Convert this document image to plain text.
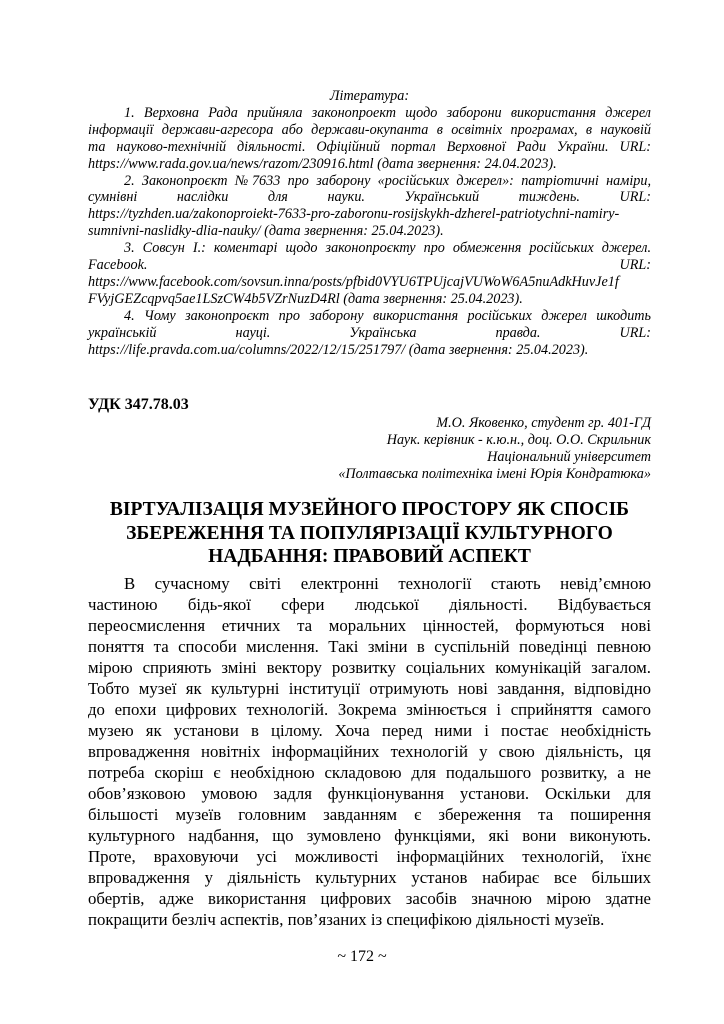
Література:
1. Верховна Рада прийняла законопроект щодо заборони використання джерел
інформації держави-агресора або держави-окупанта в освітніх програмах, в науковій
та науково-технічній діяльності. Офіційний портал Верховної Ради України. URL:
https://www.rada.gov.ua/news/razom/230916.html (дата звернення: 24.04.2023).
2. Законопроєкт №7633 про заборону «російських джерел»: патріотичні наміри,
сумнівні наслідки для науки. Український тиждень. URL:
https://tyzhden.ua/zakonoproiekt-7633-pro-zaboronu-rosijskykh-dzherel-patriotychni-namiry-
sumnivni-naslidky-dlia-nauky/ (дата звернення: 25.04.2023).
3. Совсун І.: коментарі щодо законопроєкту про обмеження російських джерел.
Facebook. URL:
https://www.facebook.com/sovsun.inna/posts/pfbid0VYU6TPUjcajVUWoW6A5nuAdkHuvJe1f
FVyjGEZcqpvq5ae1LSzCW4b5VZrNuzD4Rl (дата звернення: 25.04.2023).
4. Чому законопроєкт про заборону використання російських джерел шкодить
українській науці. Українська правда. URL:
https://life.pravda.com.ua/columns/2022/12/15/251797/ (дата звернення: 25.04.2023).
УДК 347.78.03
М.О. Яковенко, студент гр. 401-ГД
Наук. керівник - к.ю.н., доц. О.О. Скрильник
Національний університет
«Полтавська політехніка імені Юрія Кондратюка»
ВІРТУАЛІЗАЦІЯ МУЗЕЙНОГО ПРОСТОРУ ЯК СПОСІБ
ЗБЕРЕЖЕННЯ ТА ПОПУЛЯРІЗАЦІЇ КУЛЬТУРНОГО
НАДБАННЯ: ПРАВОВИЙ АСПЕКТ
В сучасному світі електронні технології стають невід’ємною
частиною бідь-якої сфери людської діяльності. Відбувається
переосмислення етичних та моральних цінностей, формуються нові
поняття та способи мислення. Такі зміни в суспільній поведінці певною
мірою сприяють зміні вектору розвитку соціальних комунікацій загалом.
Тобто музеї як культурні інституції отримують нові завдання, відповідно
до епохи цифрових технологій. Зокрема змінюється і сприйняття самого
музею як установи в цілому. Хоча перед ними і постає необхідність
впровадження новітніх інформаційних технологій у свою діяльність, ця
потреба скоріш є необхідною складовою для подальшого розвитку, а не
обов’язковою умовою задля функціонування установи. Оскільки для
більшості музеїв головним завданням є збереження та поширення
культурного надбання, що зумовлено функціями, які вони виконують.
Проте, враховуючи усі можливості інформаційних технологій, їхнє
впровадження у діяльність культурних установ набирає все більших
обертів, адже використання цифрових засобів значною мірою здатне
покращити безліч аспектів, пов’язаних із специфікою діяльності музеїв.
~ 172 ~
